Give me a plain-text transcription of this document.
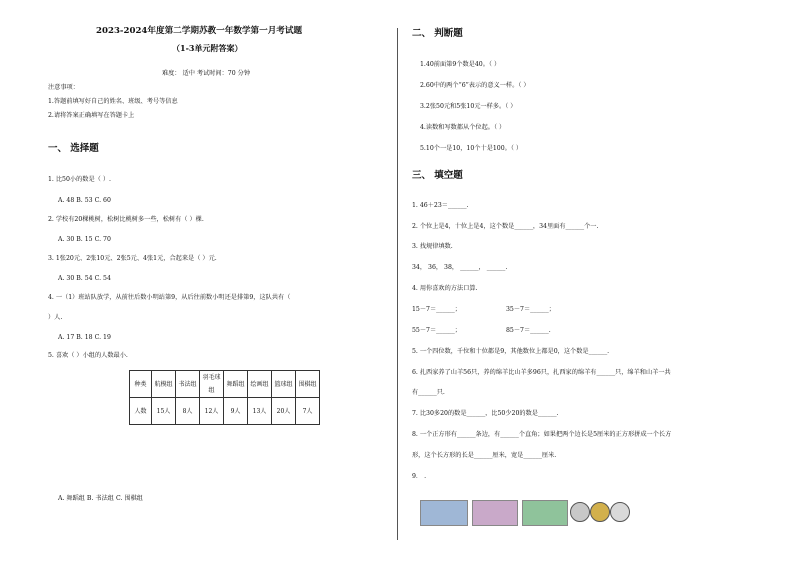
2023-2024年度第二学期苏教一年数学第一月考试题
（1-3单元附答案）
难度： 适中 考试时间：70 分钟
注意事项：
1.答题前填写好自己的姓名、班级、考号等信息
2.请将答案正确填写在答题卡上
一、 选择题
1. 比50小的数是（ ）.
A. 48 B. 53 C. 60
2. 学校有20棵桃树，松树比桃树多一些，松树有（ ）棵.
A. 30 B. 15 C. 70
3. 1张20元、2张10元、2张5元、4张1元，合起来是（ ）元.
A. 30 B. 54 C. 54
4. 一（1）班站队放学，从前往后数小明站第9，从后往前数小明还是排第9，这队共有（
）人.
A. 17 B. 18 C. 19
5. 喜欢（ ）小组的人数最小.
种类	航模组	书法组	羽毛球组	舞蹈组	绘画组	篮球组	围棋组
人数	15人	8人	12人	9人	13人	20人	7人
A. 舞蹈组 B. 书法组 C. 围棋组
二、 判断题
1.40前面第9个数是40。（ ）
2.60中的两个“6”表示的意义一样。（ ）
3.2张50元和5张10元一样多。（ ）
4.读数和写数都从个位起。（ ）
5.10个一是10，10个十是100。（ ）
三、 填空题
1. 46＋23＝______.
2. 个位上是4，十位上是4，这个数是______，34里面有______个一.
3. 找规律填数.
34， 36， 38， ______， ______.
4. 用你喜欢的方法口算.
15－7＝______；	35－7＝______；
55－7＝______；	85－7＝______.
5. 一个四位数，千位和十位都是9，其他数位上都是0，这个数是______.
6. 扎西家养了山羊56只，养的绵羊比山羊多96只，扎西家的绵羊有______只，绵羊和山羊一共
有______只.
7. 比30多20的数是______，比50少20的数是______.
8. 一个正方形有______条边，有______个直角；如果把两个边长是5厘米的正方形拼成一个长方
形，这个长方形的长是______厘米，宽是______厘米.
9． .
